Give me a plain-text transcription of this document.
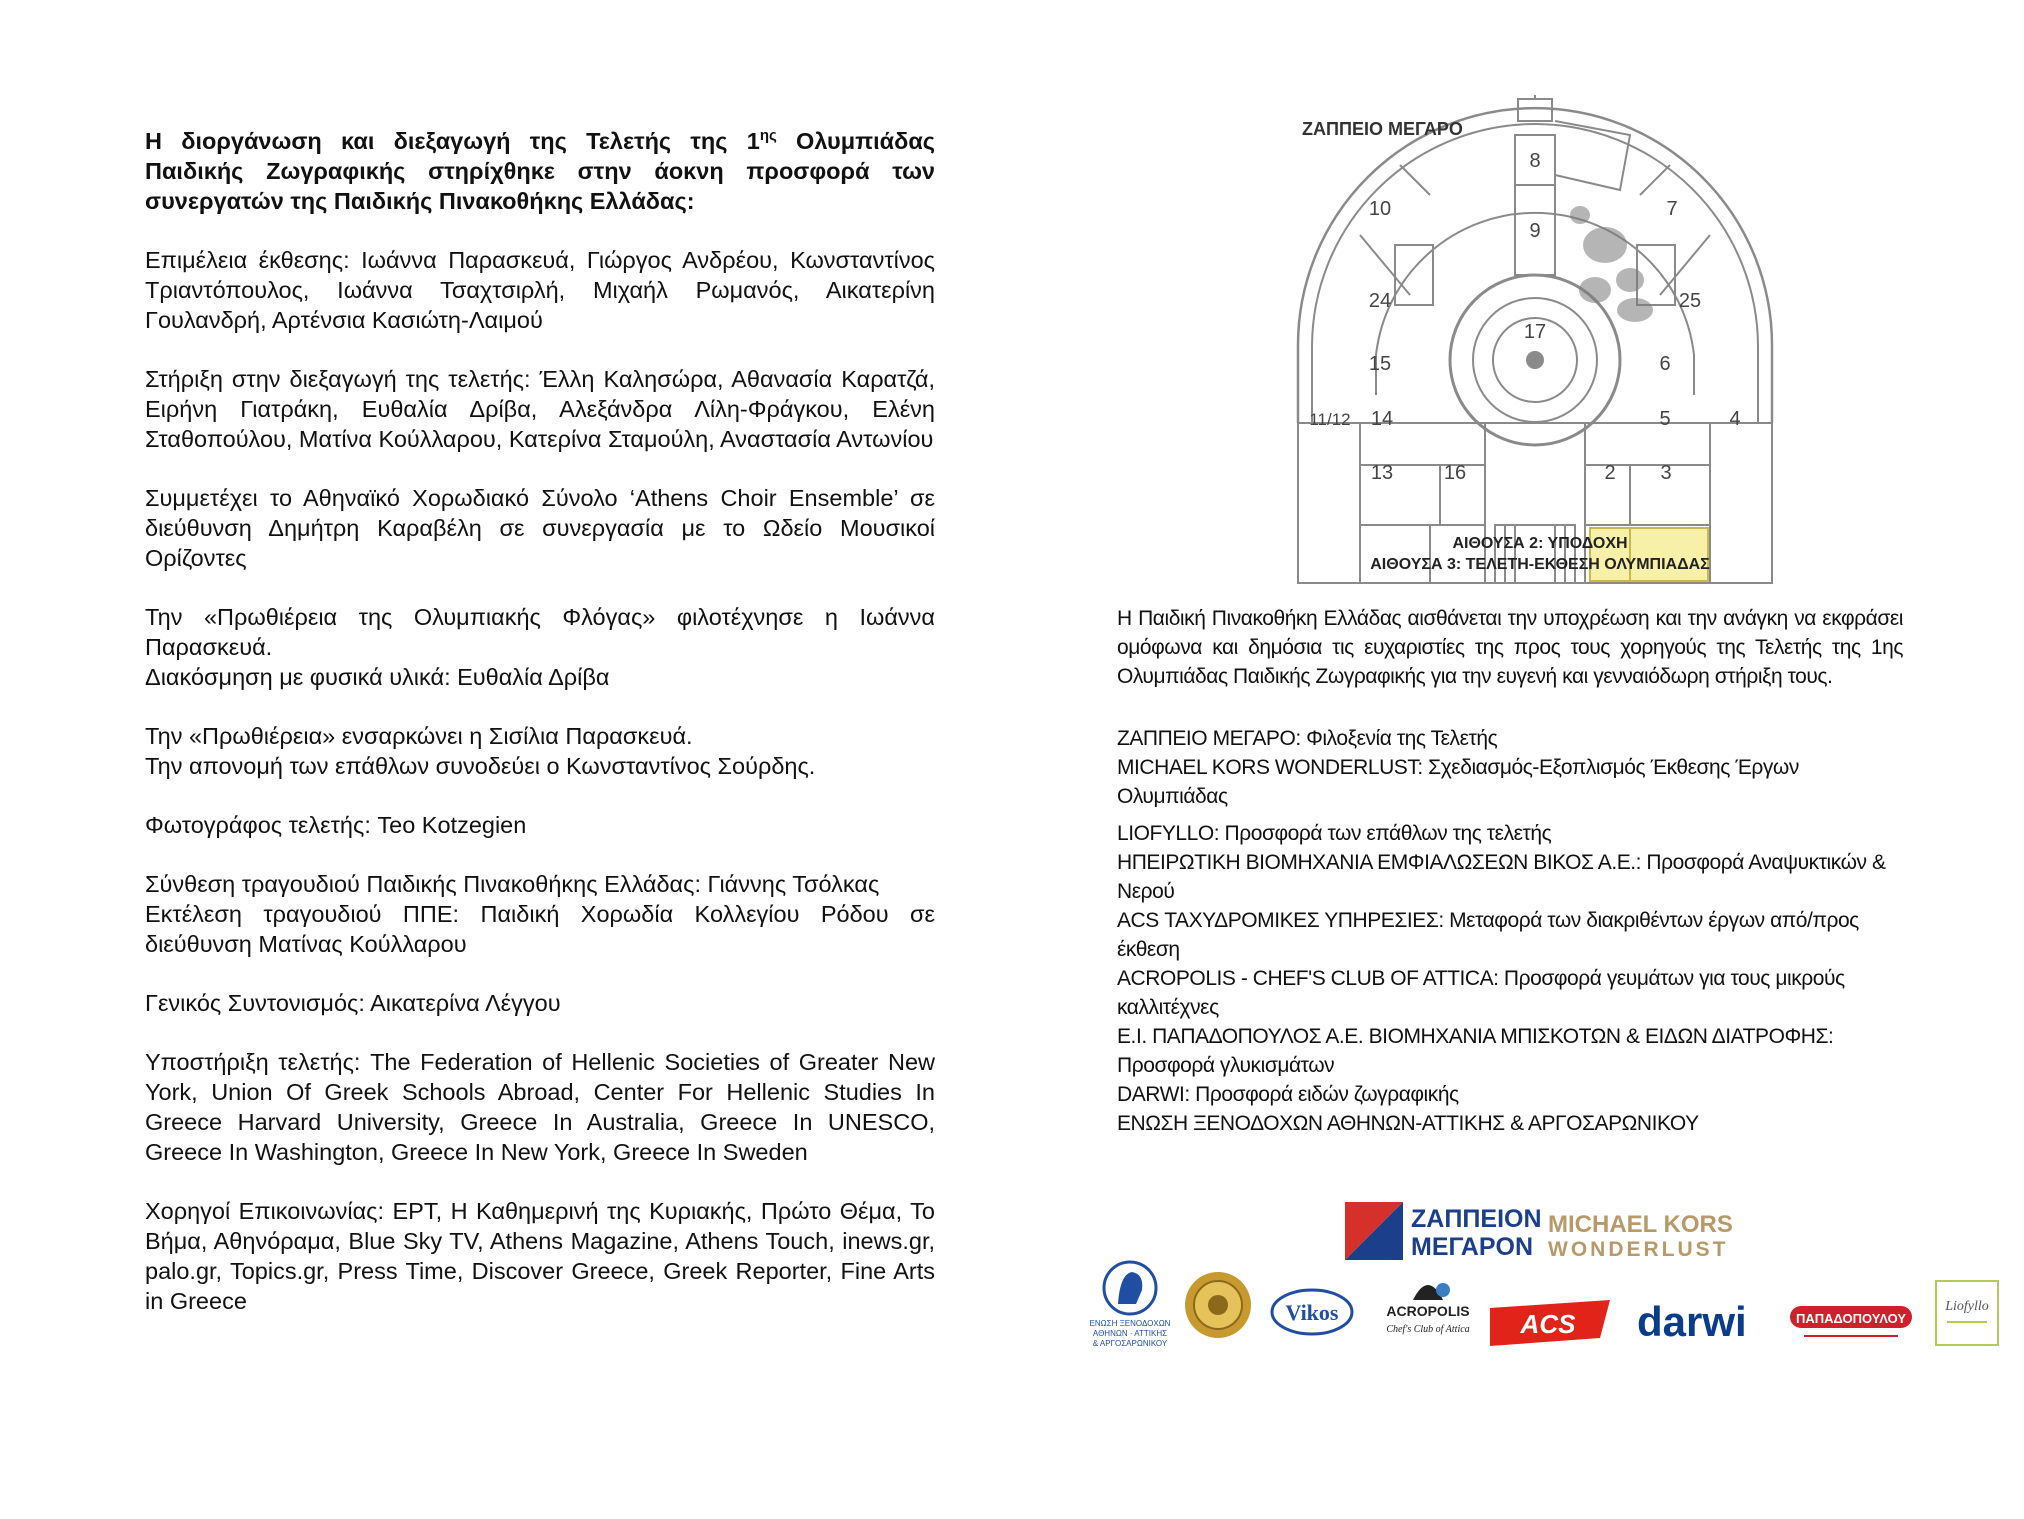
Η διοργάνωση και διεξαγωγή της Τελετής της $1^{\eta\varsigma}$ Ολυμπιάδας Παιδικής Ζωγραφικής στηρίχθηκε στην άοκνη προσφορά των συνεργατών της Παιδικής Πινακοθήκης Ελλάδας:

Επιμέλεια έκθεσης: Ιωάννα Παρασκευά, Γιώργος Ανδρέου, Κωνσταντίνος Τριαντόπουλος, Ιωάννα Τσαχτσιρλή, Μιχαήλ Ρωμανός, Αικατερίνη Γουλανδρή, Αρτένσια Κασιώτη-Λαιμού

Στήριξη στην διεξαγωγή της τελετής: Έλλη Καλησώρα, Αθανασία Καρατζά, Ειρήνη Γιατράκη, Ευθαλία Δρίβα, Αλεξάνδρα Λίλη-Φράγκου, Ελένη Σταθοπούλου, Ματίνα Κούλλαρου, Κατερίνα Σταμούλη, Αναστασία Αντωνίου

Συμμετέχει το Αθηναϊκό Χορωδιακό Σύνολο ‘Athens Choir Ensemble’ σε διεύθυνση Δημήτρη Καραβέλη σε συνεργασία με το Ωδείο Μουσικοί Ορίζοντες

Την «Πρωθιέρεια της Ολυμπιακής Φλόγας» φιλοτέχνησε η Ιωάννα Παρασκευά.
Διακόσμηση με φυσικά υλικά: Ευθαλία Δρίβα

Την «Πρωθιέρεια» ενσαρκώνει η Σισίλια Παρασκευά.
Την απονομή των επάθλων συνοδεύει ο Κωνσταντίνος Σούρδης.

Φωτογράφος τελετής: Teo Kotzegien

Σύνθεση τραγουδιού Παιδικής Πινακοθήκης Ελλάδας: Γιάννης Τσόλκας
Εκτέλεση τραγουδιού ΠΠΕ: Παιδική Χορωδία Κολλεγίου Ρόδου σε διεύθυνση Ματίνας Κούλλαρου

Γενικός Συντονισμός: Αικατερίνα Λέγγου

Υποστήριξη τελετής: The Federation of Hellenic Societies of Greater New York, Union Of Greek Schools Abroad, Center For Hellenic Studies In Greece Harvard University, Greece In Australia, Greece In UNESCO, Greece In Washington, Greece In New York, Greece In Sweden

Χορηγοί Επικοινωνίας: ΕΡΤ, Η Καθημερινή της Κυριακής, Πρώτο Θέμα, Το Βήμα, Αθηνόραμα, Blue Sky TV, Athens Magazine, Athens Touch, inews.gr, palo.gr, Topics.gr, Press Time, Discover Greece, Greek Reporter, Fine Arts in Greece

ΖΑΠΠΕΙΟ ΜΕΓΑΡΟ
8
10	7
9
24	25
17
15	6
11/12 14	5	4
13	16	2 3
ΑΙΘΟΥΣΑ 2: ΥΠΟΔΟΧΗ
ΑΙΘΟΥΣΑ 3: ΤΕΛΕΤΗ-ΕΚΘΕΣΗ ΟΛΥΜΠΙΑΔΑΣ

Η Παιδική Πινακοθήκη Ελλάδας αισθάνεται την υποχρέωση και την ανάγκη να εκφράσει ομόφωνα και δημόσια τις ευχαριστίες της προς τους χορηγούς της Τελετής της 1ης Ολυμπιάδας Παιδικής Ζωγραφικής για την ευγενή και γενναιόδωρη στήριξη τους.

ΖΑΠΠΕΙΟ ΜΕΓΑΡΟ: Φιλοξενία της Τελετής

MICHAEL KORS WONDERLUST: Σχεδιασμός-Εξοπλισμός Έκθεσης Έργων Ολυμπιάδας

LIOFYLLO: Προσφορά των επάθλων της τελετής

ΗΠΕΙΡΩΤΙΚΗ ΒΙΟΜΗΧΑΝΙΑ ΕΜΦΙΑΛΩΣΕΩΝ ΒΙΚΟΣ Α.Ε.: Προσφορά Αναψυκτικών & Νερού

ACS ΤΑΧΥΔΡΟΜΙΚΕΣ ΥΠΗΡΕΣΙΕΣ: Μεταφορά των διακριθέντων έργων από/προς έκθεση

ACROPOLIS - CHEF'S CLUB OF ATTICA: Προσφορά γευμάτων για τους μικρούς καλλιτέχνες

Ε.Ι. ΠΑΠΑΔΟΠΟΥΛΟΣ Α.Ε. ΒΙΟΜΗΧΑΝΙΑ ΜΠΙΣΚΟΤΩΝ & ΕΙΔΩΝ ΔΙΑΤΡΟΦΗΣ: Προσφορά γλυκισμάτων

DARWI: Προσφορά ειδών ζωγραφικής

ΕΝΩΣΗ ΞΕΝΟΔΟΧΩΝ ΑΘΗΝΩΝ-ΑΤΤΙΚΗΣ & ΑΡΓΟΣΑΡΩΝΙΚΟΥ

ΖΑΠΠΕΙΟΝ
ΜΕΓΑΡΟΝ
MICHAEL KORS
WONDERLUST
ΕΝΩΣΗ ΞΕΝΟΔΟΧΩΝ
ΑΘΗΝΩΝ · ΑΤΤΙΚΗΣ
& ΑΡΓΟΣΑΡΩΝΙΚΟΥ
Vikos	ACROPOLIS
Chef's Club of Attica ACS darwi	ΠΑΠΑΔΟΠΟΥΛΟΥ
Liofyllo
